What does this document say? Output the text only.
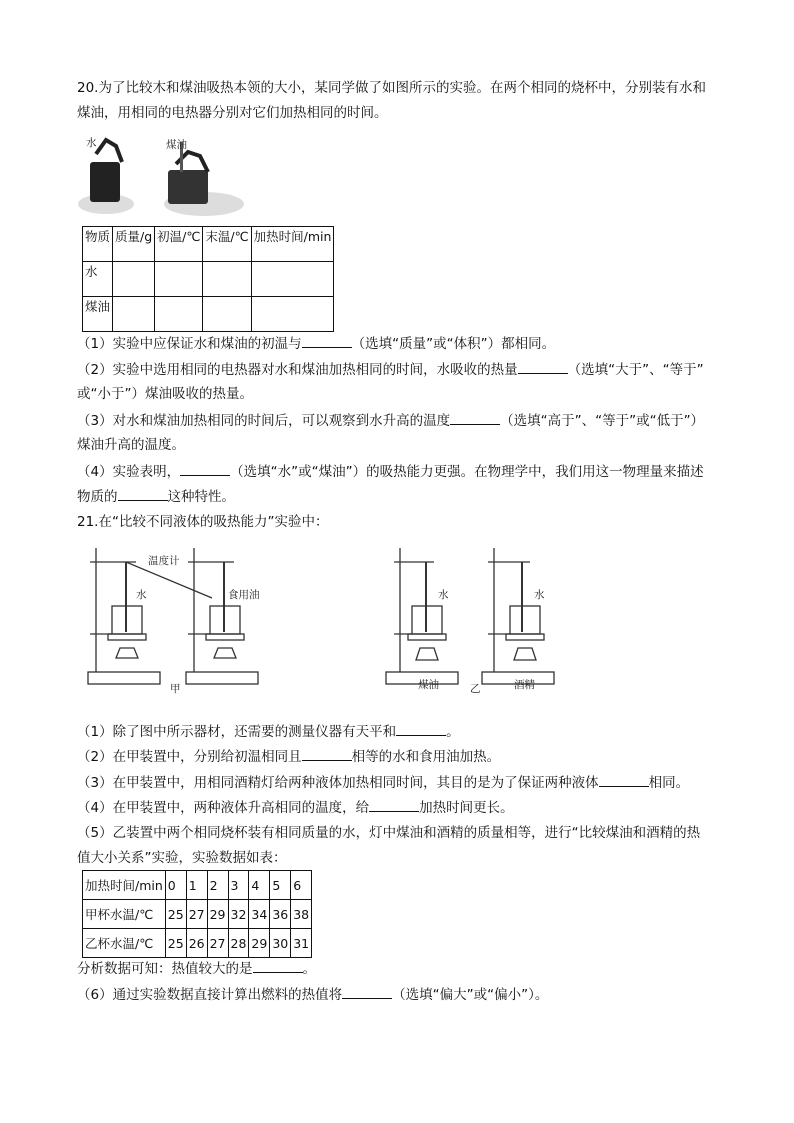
20.为了比较木和煤油吸热本领的大小，某同学做了如图所示的实验。在两个相同的烧杯中，分别装有水和
煤油，用相同的电热器分别对它们加热相同的时间。
水	煤油
物质	质量/g	初温/℃	末温/℃	加热时间/min
水				
煤油				
（1）实验中应保证水和煤油的初温与	（选填“质量”或“体积”）都相同。
（2）实验中选用相同的电热器对水和煤油加热相同的时间，水吸收的热量	（选填“大于”、“等于”
或“小于”）煤油吸收的热量。
（3）对水和煤油加热相同的时间后，可以观察到水升高的温度	（选填“高于”、“等于”或“低于”）
煤油升高的温度。
（4）实验表明，	（选填“水”或“煤油”）的吸热能力更强。在物理学中，我们用这一物理量来描述
物质的	这种特性。
21.在“比较不同液体的吸热能力”实验中：
温度计
水	食用油
甲
水	水
煤油	乙	酒精
（1）除了图中所示器材，还需要的测量仪器有天平和	。
（2）在甲装置中，分别给初温相同且	相等的水和食用油加热。
（3）在甲装置中，用相同酒精灯给两种液体加热相同时间，其目的是为了保证两种液体	相同。
（4）在甲装置中，两种液体升高相同的温度，给	加热时间更长。
（5）乙装置中两个相同烧杯装有相同质量的水，灯中煤油和酒精的质量相等，进行“比较煤油和酒精的热
值大小关系”实验，实验数据如表：
加热时间/min	0	1	2	3	4	5	6
甲杯水温/℃	25	27	29	32	34	36	38
乙杯水温/℃	25	26	27	28	29	30	31
分析数据可知：热值较大的是	。
（6）通过实验数据直接计算出燃料的热值将	（选填“偏大”或“偏小”）。
